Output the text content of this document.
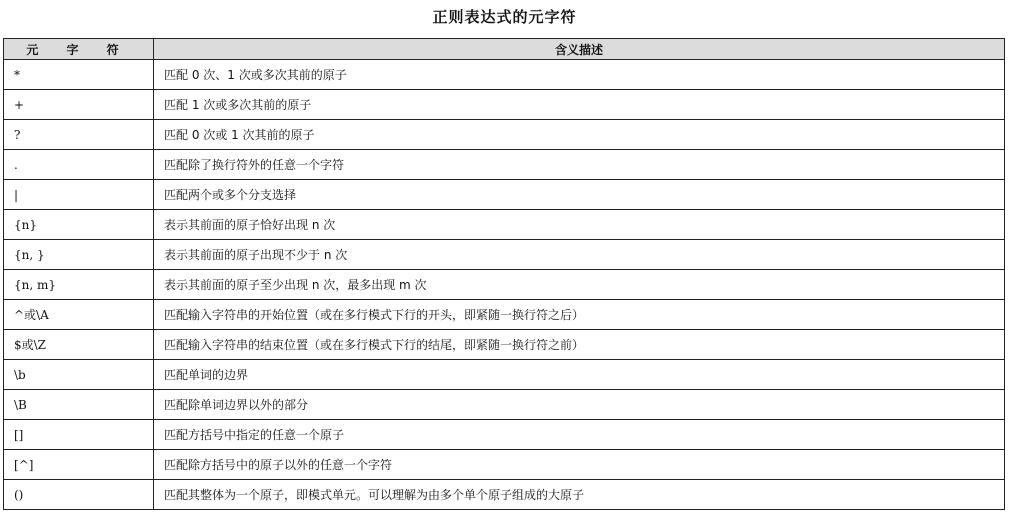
正则表达式的元字符
元 字 符	含义描述
*	匹配 0 次、1 次或多次其前的原子
+	匹配 1 次或多次其前的原子
?	匹配 0 次或 1 次其前的原子
.	匹配除了换行符外的任意一个字符
|	匹配两个或多个分支选择
{n}	表示其前面的原子恰好出现 n 次
{n, }	表示其前面的原子出现不少于 n 次
{n, m}	表示其前面的原子至少出现 n 次，最多出现 m 次
^或\A	匹配输入字符串的开始位置（或在多行模式下行的开头，即紧随一换行符之后）
$或\Z	匹配输入字符串的结束位置（或在多行模式下行的结尾，即紧随一换行符之前）
\b	匹配单词的边界
\B	匹配除单词边界以外的部分
[]	匹配方括号中指定的任意一个原子
[^]	匹配除方括号中的原子以外的任意一个字符
()	匹配其整体为一个原子，即模式单元。可以理解为由多个单个原子组成的大原子
